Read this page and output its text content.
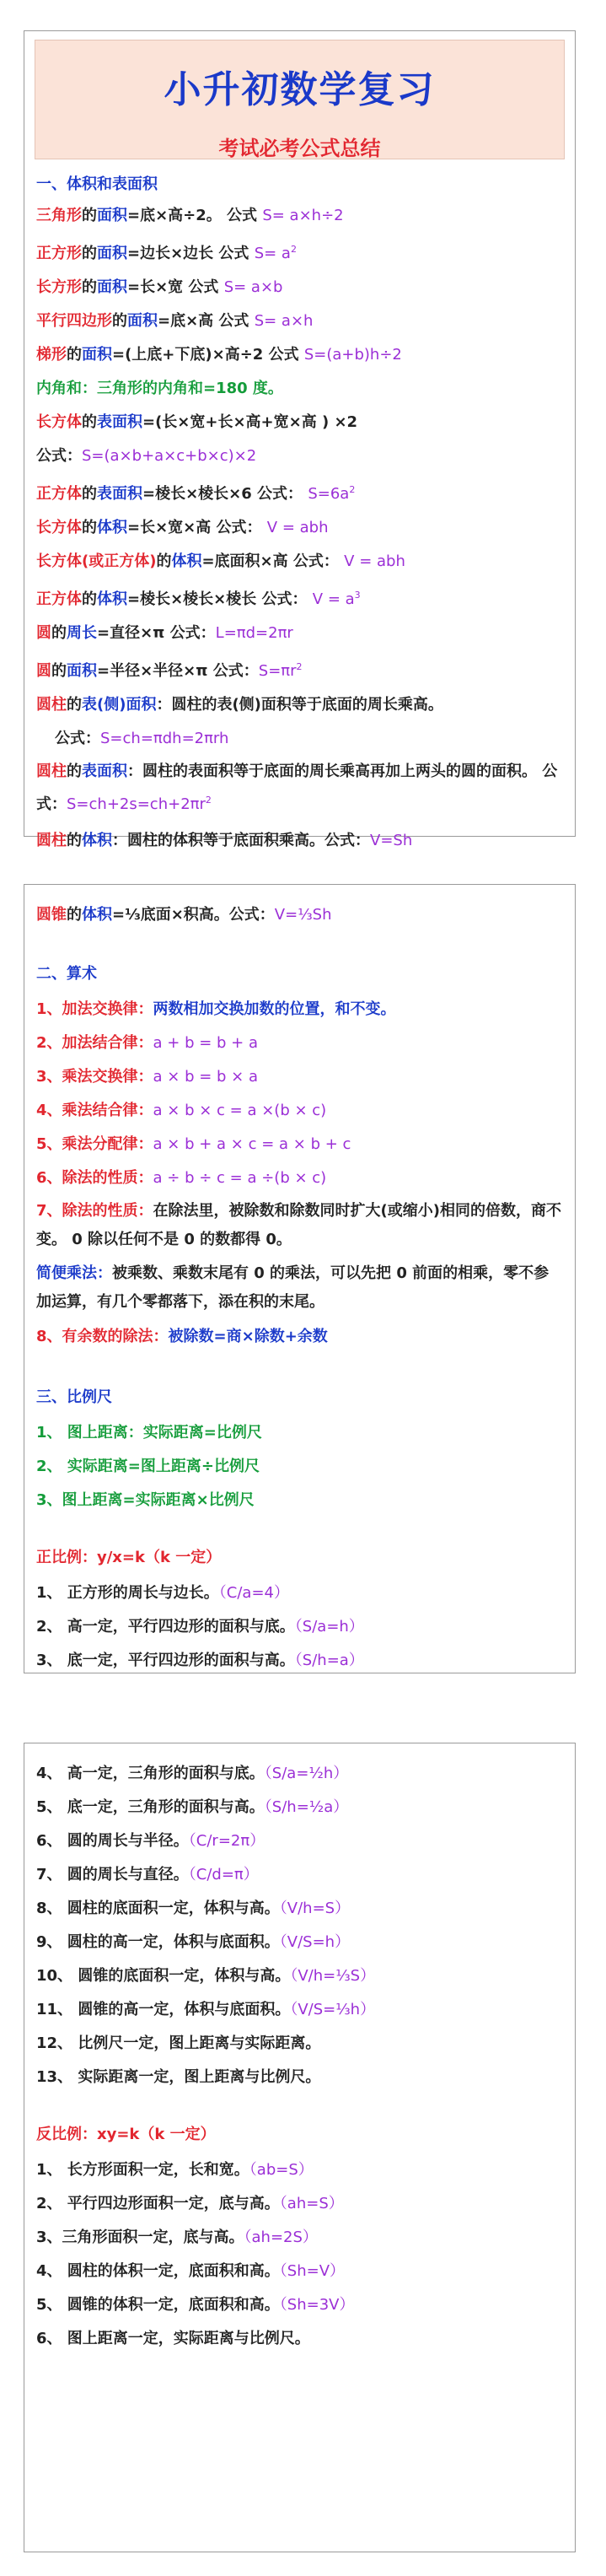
小升初数学复习
考试必考公式总结
一、体积和表面积
三角形的面积=底×高÷2。 公式 S= a×h÷2
正方形的面积=边长×边长 公式 $S= a^2$
长方形的面积=长×宽 公式 S= a×b
平行四边形的面积=底×高 公式 S= a×h
梯形的面积=(上底+下底)×高÷2 公式 S=(a+b)h÷2
内角和：三角形的内角和=180 度。
长方体的表面积=(长×宽+长×高+宽×高 ) ×2
公式：S=(a×b+a×c+b×c)×2
正方体的表面积=棱长×棱长×6 公式： $S=6a^2$
长方体的体积=长×宽×高 公式： V = abh
长方体(或正方体)的体积=底面积×高 公式： V = abh
正方体的体积=棱长×棱长×棱长 公式： $V = a^3$
圆的周长=直径×π 公式：L=πd=2πr
圆的面积=半径×半径×π 公式：$S=\pi r^2$
圆柱的表(侧)面积：圆柱的表(侧)面积等于底面的周长乘高。
公式：S=ch=πdh=2πrh
圆柱的表面积：圆柱的表面积等于底面的周长乘高再加上两头的圆的面积。 公式：$S=ch+2s=ch+2\pi r^2$
圆柱的体积：圆柱的体积等于底面积乘高。公式：V=Sh
圆锥的体积=⅓底面×积高。公式：V=⅓Sh
二、算术
1、加法交换律：两数相加交换加数的位置，和不变。
2、加法结合律：a + b = b + a
3、乘法交换律：a × b = b × a
4、乘法结合律：a × b × c = a ×(b × c)
5、乘法分配律：a × b + a × c = a × b + c
6、除法的性质：a ÷ b ÷ c = a ÷(b × c)
7、除法的性质：在除法里，被除数和除数同时扩大(或缩小)相同的倍数，商不变。 0 除以任何不是 0 的数都得 0。
简便乘法：被乘数、乘数末尾有 0 的乘法，可以先把 0 前面的相乘，零不参加运算，有几个零都落下，添在积的末尾。
8、有余数的除法：被除数=商×除数+余数
三、比例尺
1、 图上距离：实际距离=比例尺
2、 实际距离=图上距离÷比例尺
3、图上距离=实际距离×比例尺
正比例：y/x=k（k 一定）
1、 正方形的周长与边长。（C/a=4）
2、 高一定，平行四边形的面积与底。（S/a=h）
3、 底一定，平行四边形的面积与高。（S/h=a）
4、 高一定，三角形的面积与底。（S/a=½h）
5、 底一定，三角形的面积与高。（S/h=½a）
6、 圆的周长与半径。（C/r=2π）
7、 圆的周长与直径。（C/d=π）
8、 圆柱的底面积一定，体积与高。（V/h=S）
9、 圆柱的高一定，体积与底面积。（V/S=h）
10、 圆锥的底面积一定，体积与高。（V/h=⅓S）
11、 圆锥的高一定，体积与底面积。（V/S=⅓h）
12、 比例尺一定，图上距离与实际距离。
13、 实际距离一定，图上距离与比例尺。
反比例：xy=k（k 一定）
1、 长方形面积一定，长和宽。（ab=S）
2、 平行四边形面积一定，底与高。（ah=S）
3、三角形面积一定，底与高。（ah=2S）
4、 圆柱的体积一定，底面积和高。（Sh=V）
5、 圆锥的体积一定，底面积和高。（Sh=3V）
6、 图上距离一定，实际距离与比例尺。
